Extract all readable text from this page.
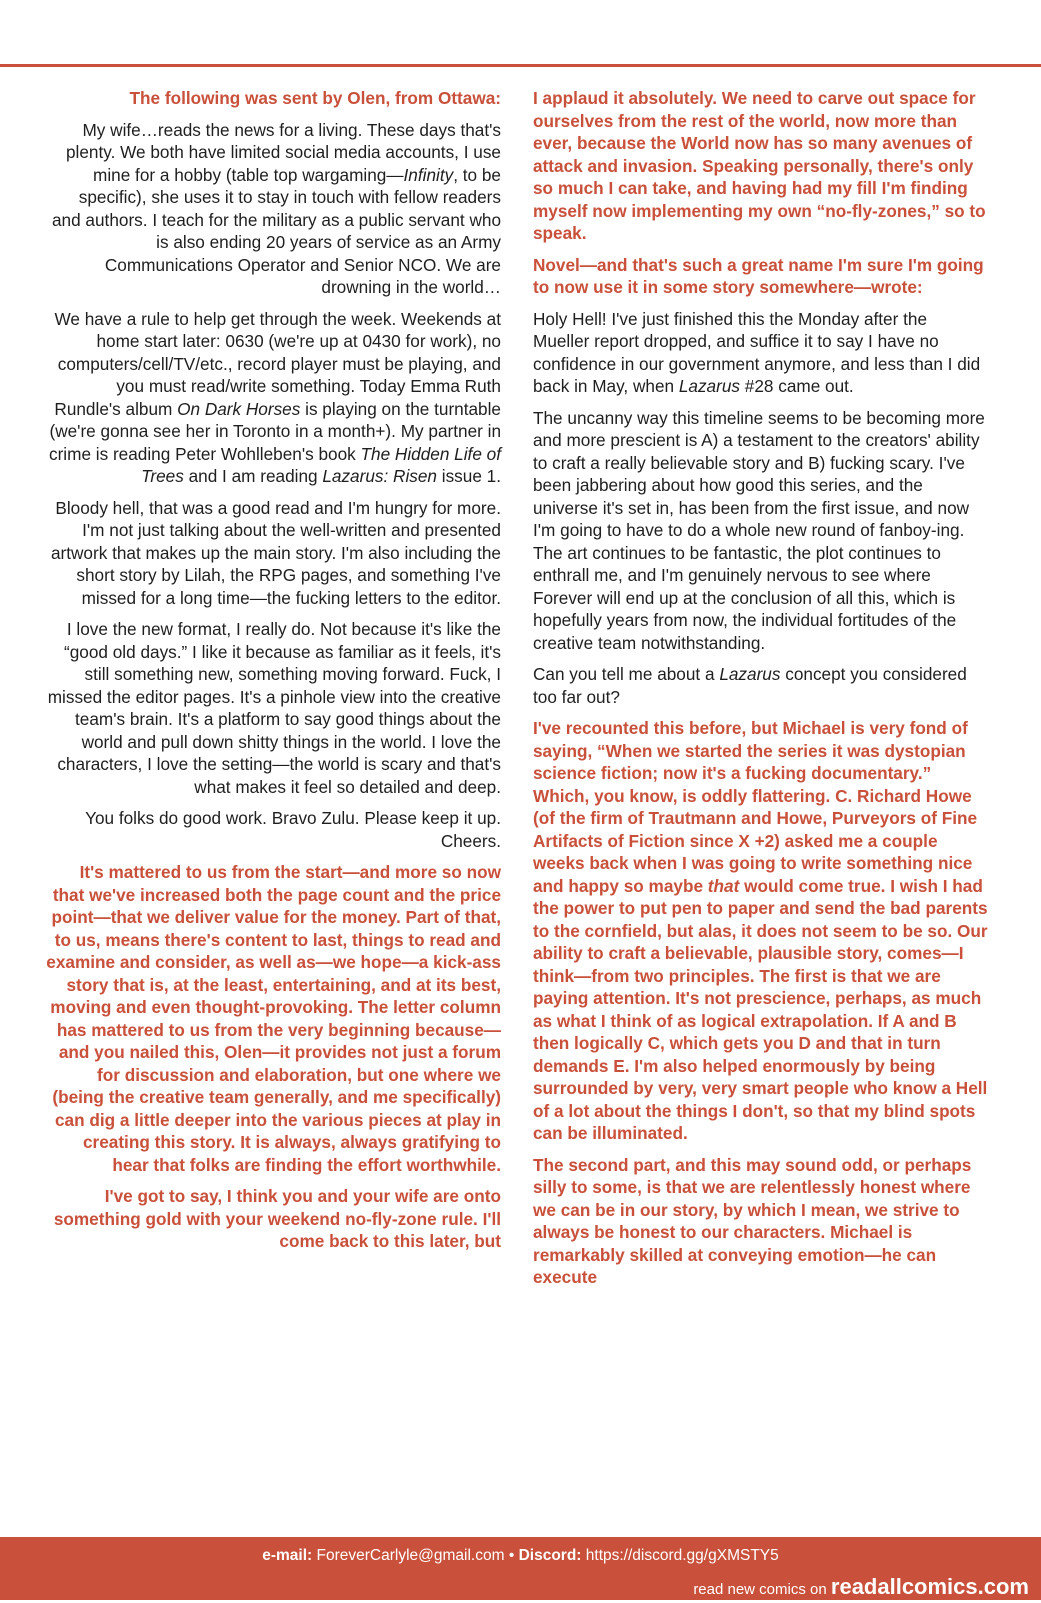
The following was sent by Olen, from Ottawa:

My wife…reads the news for a living. These days that's plenty. We both have limited social media accounts, I use mine for a hobby (table top wargaming—Infinity, to be specific), she uses it to stay in touch with fellow readers and authors. I teach for the military as a public servant who is also ending 20 years of service as an Army Communications Operator and Senior NCO. We are drowning in the world…

We have a rule to help get through the week. Weekends at home start later: 0630 (we're up at 0430 for work), no computers/cell/TV/etc., record player must be playing, and you must read/write something. Today Emma Ruth Rundle's album On Dark Horses is playing on the turntable (we're gonna see her in Toronto in a month+). My partner in crime is reading Peter Wohlleben's book The Hidden Life of Trees and I am reading Lazarus: Risen issue 1.

Bloody hell, that was a good read and I'm hungry for more. I'm not just talking about the well-written and presented artwork that makes up the main story. I'm also including the short story by Lilah, the RPG pages, and something I've missed for a long time—the fucking letters to the editor.

I love the new format, I really do. Not because it's like the “good old days.” I like it because as familiar as it feels, it's still something new, something moving forward. Fuck, I missed the editor pages. It's a pinhole view into the creative team's brain. It's a platform to say good things about the world and pull down shitty things in the world. I love the characters, I love the setting—the world is scary and that's what makes it feel so detailed and deep.

You folks do good work. Bravo Zulu. Please keep it up. Cheers.

It's mattered to us from the start—and more so now that we've increased both the page count and the price point—that we deliver value for the money. Part of that, to us, means there's content to last, things to read and examine and consider, as well as—we hope—a kick-ass story that is, at the least, entertaining, and at its best, moving and even thought-provoking. The letter column has mattered to us from the very beginning because—and you nailed this, Olen—it provides not just a forum for discussion and elaboration, but one where we (being the creative team generally, and me specifically) can dig a little deeper into the various pieces at play in creating this story. It is always, always gratifying to hear that folks are finding the effort worthwhile.

I've got to say, I think you and your wife are onto something gold with your weekend no-fly-zone rule. I'll come back to this later, but

I applaud it absolutely. We need to carve out space for ourselves from the rest of the world, now more than ever, because the World now has so many avenues of attack and invasion. Speaking personally, there's only so much I can take, and having had my fill I'm finding myself now implementing my own “no-fly-zones,” so to speak.

Novel—and that's such a great name I'm sure I'm going to now use it in some story somewhere—wrote:

Holy Hell! I've just finished this the Monday after the Mueller report dropped, and suffice it to say I have no confidence in our government anymore, and less than I did back in May, when Lazarus #28 came out.

The uncanny way this timeline seems to be becoming more and more prescient is A) a testament to the creators' ability to craft a really believable story and B) fucking scary. I've been jabbering about how good this series, and the universe it's set in, has been from the first issue, and now I'm going to have to do a whole new round of fanboy-ing. The art continues to be fantastic, the plot continues to enthrall me, and I'm genuinely nervous to see where Forever will end up at the conclusion of all this, which is hopefully years from now, the individual fortitudes of the creative team notwithstanding.

Can you tell me about a Lazarus concept you considered too far out?

I've recounted this before, but Michael is very fond of saying, “When we started the series it was dystopian science fiction; now it's a fucking documentary.” Which, you know, is oddly flattering. C. Richard Howe (of the firm of Trautmann and Howe, Purveyors of Fine Artifacts of Fiction since X +2) asked me a couple weeks back when I was going to write something nice and happy so maybe that would come true. I wish I had the power to put pen to paper and send the bad parents to the cornfield, but alas, it does not seem to be so. Our ability to craft a believable, plausible story, comes—I think—from two principles. The first is that we are paying attention. It's not prescience, perhaps, as much as what I think of as logical extrapolation. If A and B then logically C, which gets you D and that in turn demands E. I'm also helped enormously by being surrounded by very, very smart people who know a Hell of a lot about the things I don't, so that my blind spots can be illuminated.

The second part, and this may sound odd, or perhaps silly to some, is that we are relentlessly honest where we can be in our story, by which I mean, we strive to always be honest to our characters. Michael is remarkably skilled at conveying emotion—he can execute

e-mail: ForeverCarlyle@gmail.com • Discord: https://discord.gg/gXMSTY5
read new comics on readallcomics.com
